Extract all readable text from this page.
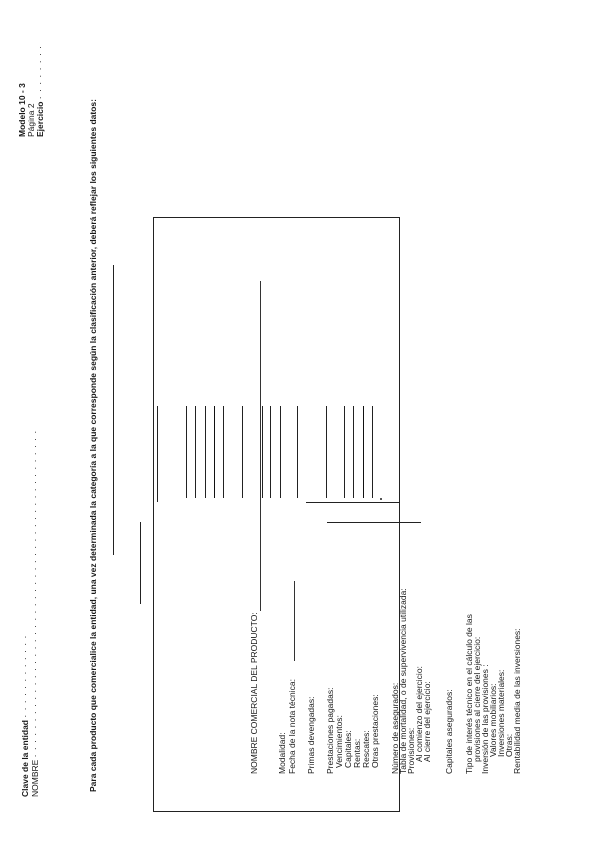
Clave de la entidad · · · · · · · · · · · ·
NOMBRE · · · · · · · · · · · · · · · · · · · · · · · · · · · · · · · · · · · · · · · · · · · · · ·
Modelo 10 - 3 Página 2 Ejercicio · · · · · · · ·
Para cada producto que comercialice la entidad, una vez determinada la categoría a la que corresponde según la clasificación anterior, deberá reflejar los siguientes datos:	NOMBRE COMERCIAL DEL PRODUCTO: Modalidad: Fecha de la nota técnica: Primas devengadas: Prestaciones pagadas: Vencimientos: Capitales: Rentas: Rescates: Otras prestaciones: Número de asegurados:
Tabla de mortalidad, o de supervivencia utilizada:
Provisiones:
Al comienzo del ejercicio:
Al cierre del ejercicio: Capitales asegurados: Tipo de interés técnico en el cálculo de las
provisiones al cierre del ejercicio:
Inversión de las provisiones :
Valores mobiliarios:
Inversiones materiales:
Otras:
Rentabilidad media de las inversiones:
